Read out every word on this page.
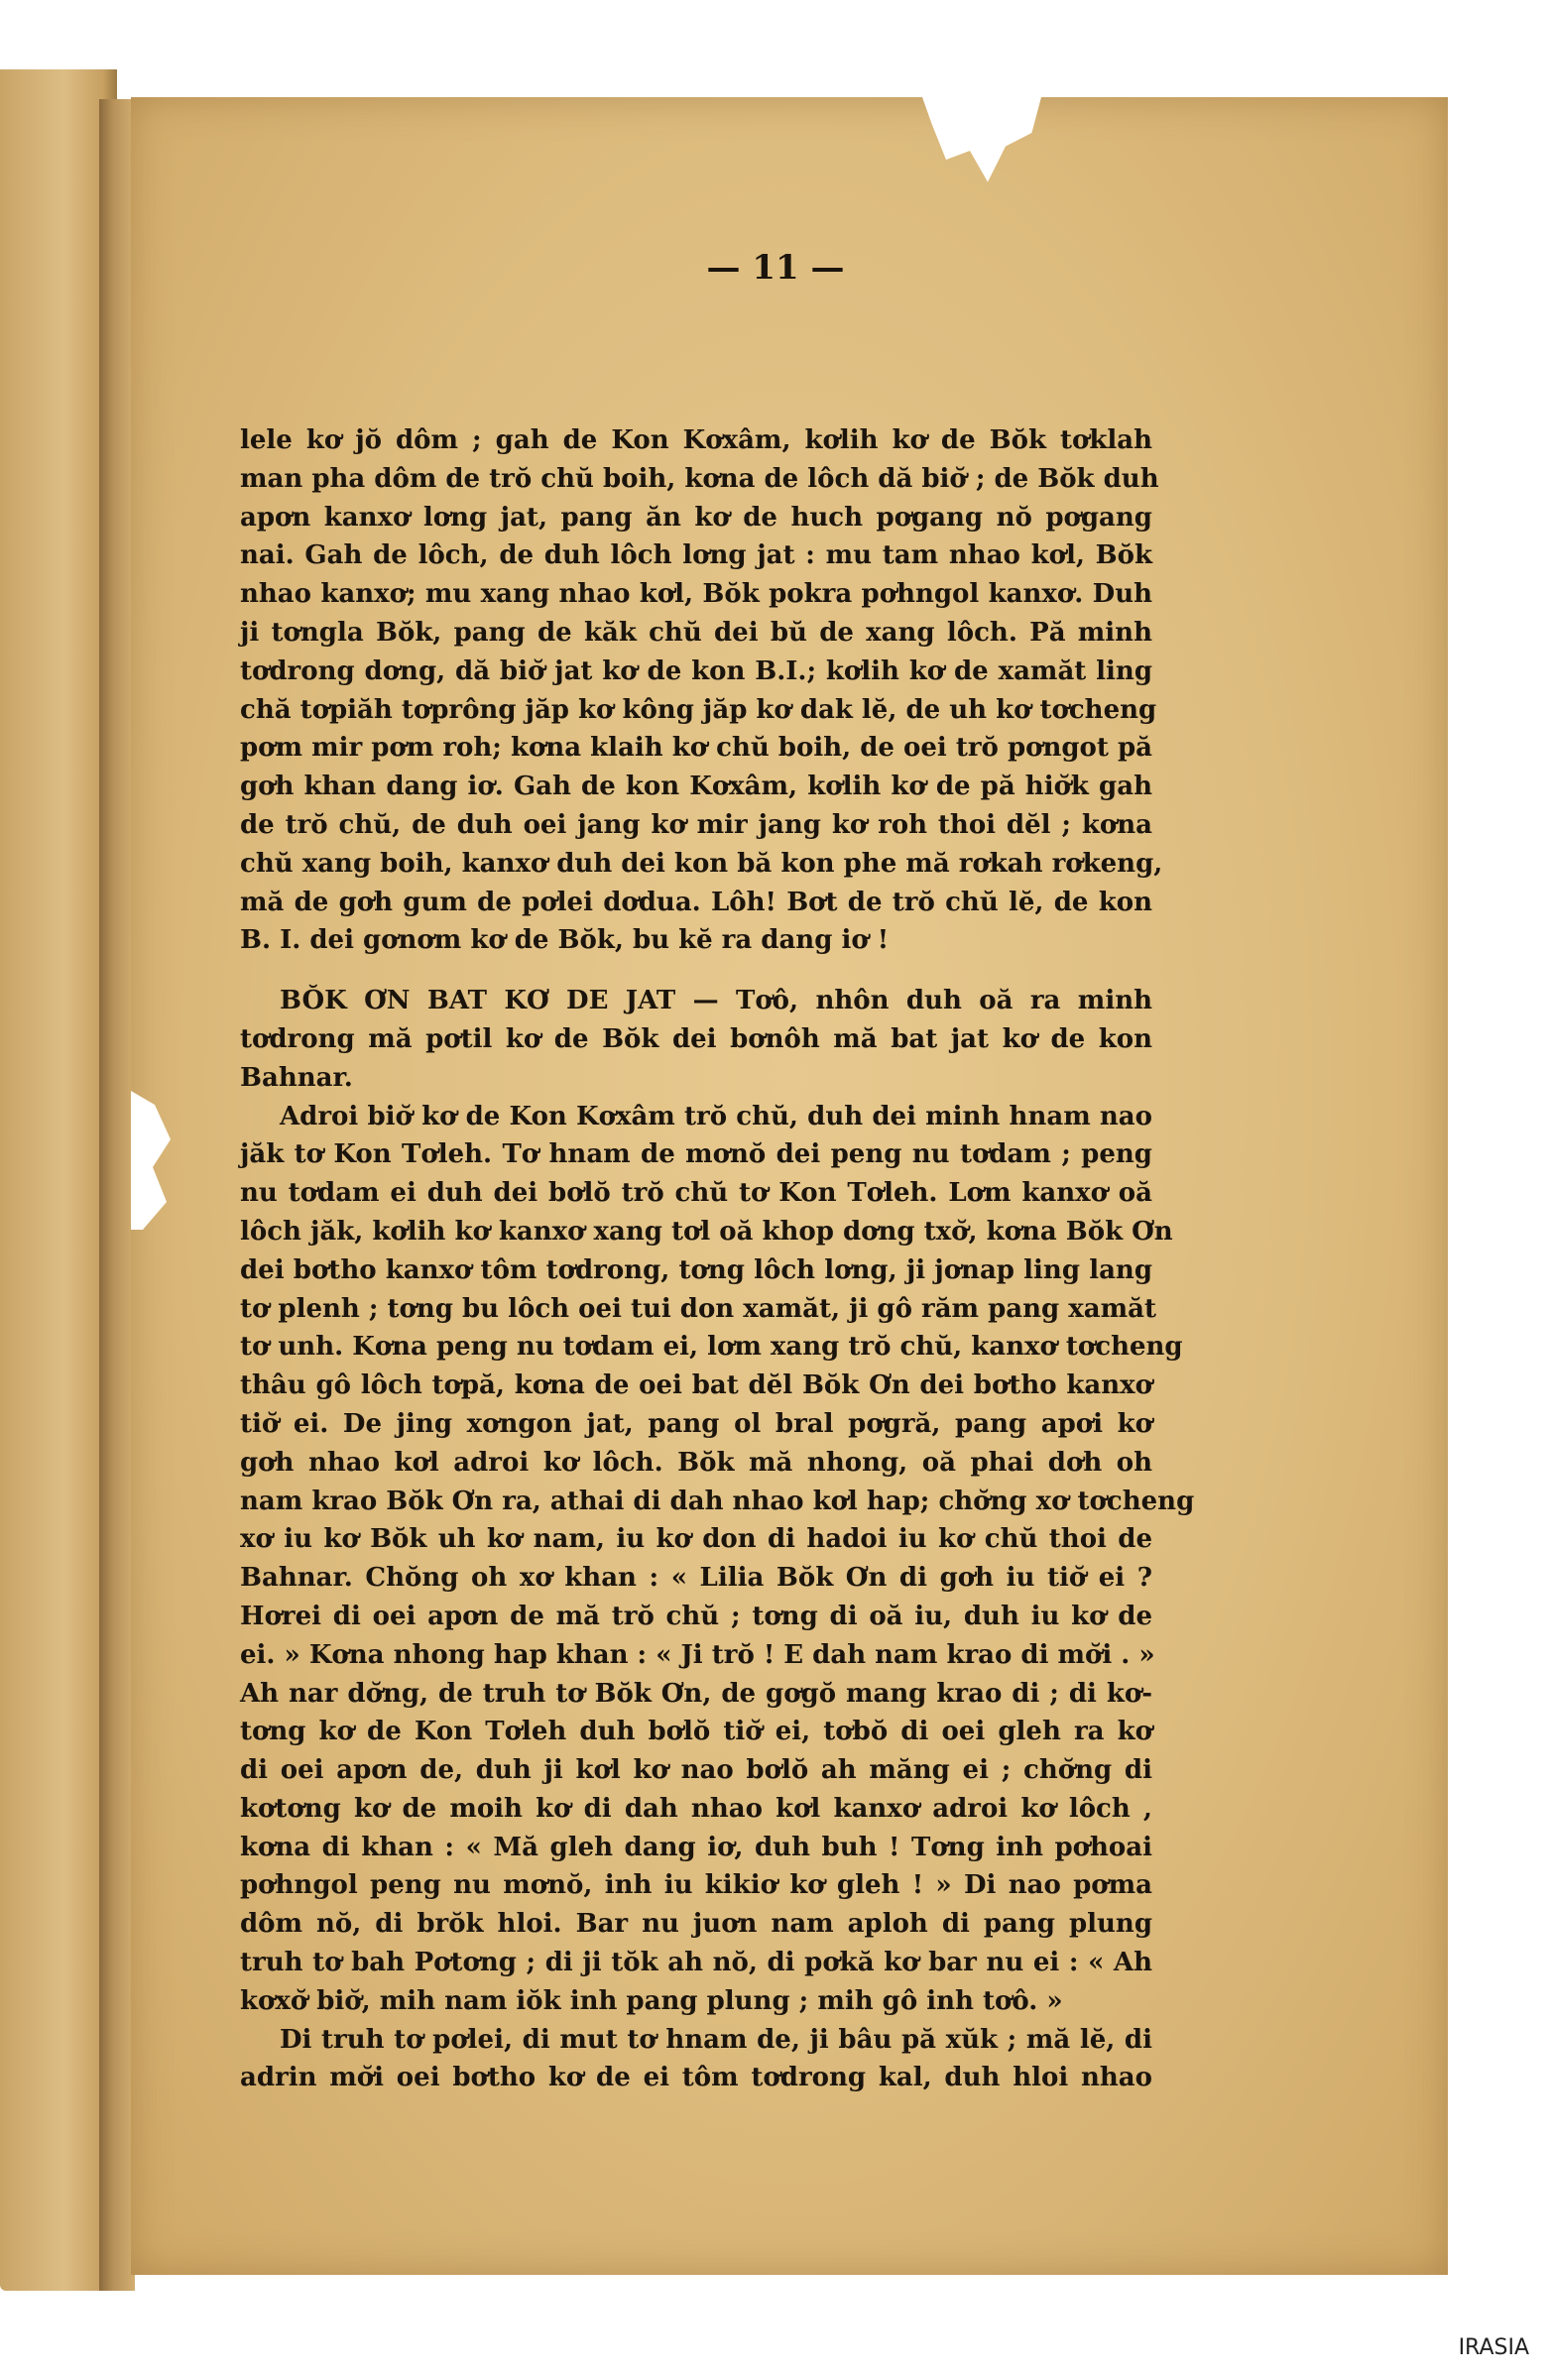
— 11 —

lele kơ jŏ dôm ; gah de Kon Kơxâm, kơlih kơ de Bŏk tơklah
man pha dôm de trŏ chŭ boih, kơna de lôch dă biơ̆ ; de Bŏk duh
apơn kanxơ lơng jat, pang ăn kơ de huch pơgang nŏ pơgang
nai. Gah de lôch, de duh lôch lơng jat : mu tam nhao kơl, Bŏk
nhao kanxơ; mu xang nhao kơl, Bŏk pokra pơhngol kanxơ. Duh
ji tơngla Bŏk, pang de kăk chŭ dei bŭ de xang lôch. Pă minh
tơdrong dơng, dă biơ̆ jat kơ de kon B.I.; kơlih kơ de xamăt ling
chă tơpiăh tơprông jăp kơ kông jăp kơ dak lĕ, de uh kơ tơcheng
pơm mir pơm roh; kơna klaih kơ chŭ boih, de oei trŏ pơngot pă
gơh khan dang iơ. Gah de kon Kơxâm, kơlih kơ de pă hiơ̆k gah
de trŏ chŭ, de duh oei jang kơ mir jang kơ roh thoi dĕl ; kơna
chŭ xang boih, kanxơ duh dei kon bă kon phe mă rơkah rơkeng,
mă de gơh gum de pơlei dơdua. Lôh! Bơt de trŏ chŭ lĕ, de kon
B. I. dei gơnơm kơ de Bŏk, bu kĕ ra dang iơ !

BŎK ƠN BAT KƠ DE JAT — Tơô, nhôn duh oă ra minh
tơdrong mă pơtil kơ de Bŏk dei bơnôh mă bat jat kơ de kon
Bahnar.

Adroi biơ̆ kơ de Kon Kơxâm trŏ chŭ, duh dei minh hnam nao
jăk tơ Kon Tơleh. Tơ hnam de mơnŏ dei peng nu tơdam ; peng
nu tơdam ei duh dei bơlŏ trŏ chŭ tơ Kon Tơleh. Lơm kanxơ oă
lôch jăk, kơlih kơ kanxơ xang tơl oă khop dơng txơ̆, kơna Bŏk Ơn
dei bơtho kanxơ tôm tơdrong, tơng lôch lơng, ji jơnap ling lang
tơ plenh ; tơng bu lôch oei tui don xamăt, ji gô răm pang xamăt
tơ unh. Kơna peng nu tơdam ei, lơm xang trŏ chŭ, kanxơ tơcheng
thâu gô lôch tơpă, kơna de oei bat dĕl Bŏk Ơn dei bơtho kanxơ
tiơ̆ ei. De jing xơngon jat, pang ol bral pơgră, pang apơi kơ
gơh nhao kơl adroi kơ lôch. Bŏk mă nhong, oă phai dơh oh
nam krao Bŏk Ơn ra, athai di dah nhao kơl hap; chơ̆ng xơ tơcheng
xơ iu kơ Bŏk uh kơ nam, iu kơ don di hadoi iu kơ chŭ thoi de
Bahnar. Chŏng oh xơ khan : « Lilia Bŏk Ơn di gơh iu tiơ̆ ei ?
Hơrei di oei apơn de mă trŏ chŭ ; tơng di oă iu, duh iu kơ de
ei. » Kơna nhong hap khan : « Ji trŏ ! E dah nam krao di mơ̆i . »
Ah nar dơ̆ng, de truh tơ Bŏk Ơn, de gơgŏ mang krao di ; di kơ-
tơng kơ de Kon Tơleh duh bơlŏ tiơ̆ ei, tơbŏ di oei gleh ra kơ
di oei apơn de, duh ji kơl kơ nao bơlŏ ah măng ei ; chơ̆ng di
kơtơng kơ de moih kơ di dah nhao kơl kanxơ adroi kơ lôch ,
kơna di khan : « Mă gleh dang iơ, duh buh ! Tơng inh pơhoai
pơhngol peng nu mơnŏ, inh iu kikiơ kơ gleh ! » Di nao pơma
dôm nŏ, di brŏk hloi. Bar nu juơn nam aploh di pang plung
truh tơ bah Pơtơng ; di ji tŏk ah nŏ, di pơkă kơ bar nu ei : « Ah
kơxơ̆ biơ̆, mih nam iŏk inh pang plung ; mih gô inh tơô. »

Di truh tơ pơlei, di mut tơ hnam de, ji bâu pă xŭk ; mă lĕ, di
adrin mơ̆i oei bơtho kơ de ei tôm tơdrong kal, duh hloi nhao

IRASIA
